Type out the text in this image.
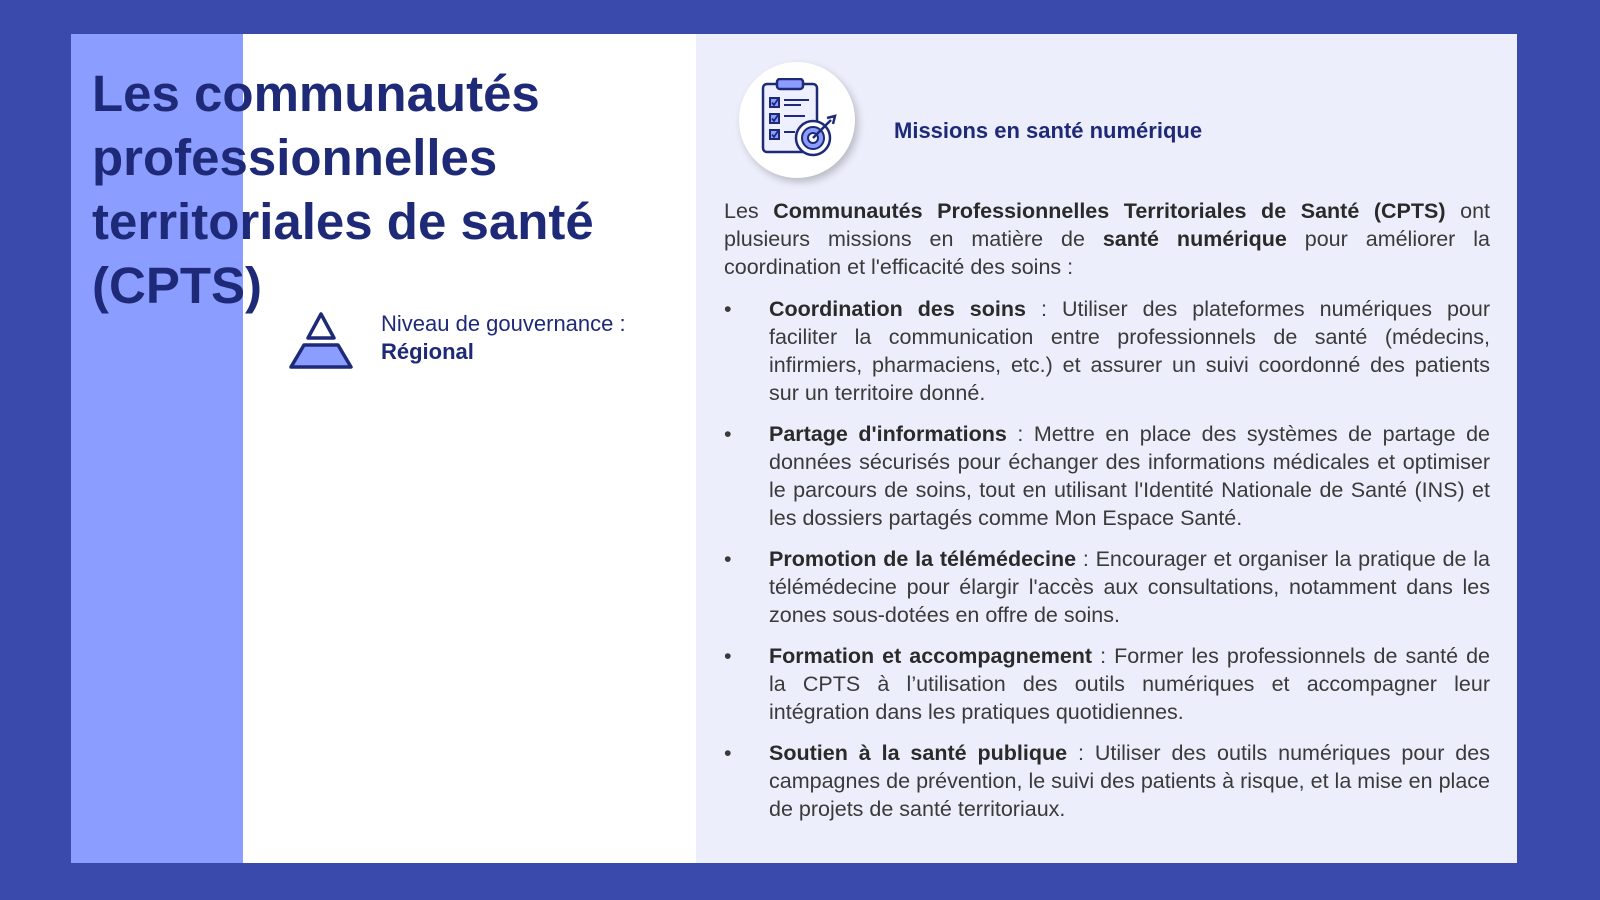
Les communautés professionnelles territoriales de santé (CPTS)
Niveau de gouvernance :
Régional
Missions en santé numérique

Les Communautés Professionnelles Territoriales de Santé (CPTS) ont plusieurs missions en matière de santé numérique pour améliorer la coordination et l'efficacité des soins :

•	Coordination des soins : Utiliser des plateformes numériques pour faciliter la communication entre professionnels de santé (médecins, infirmiers, pharmaciens, etc.) et assurer un suivi coordonné des patients sur un territoire donné.
•	Partage d'informations : Mettre en place des systèmes de partage de données sécurisés pour échanger des informations médicales et optimiser le parcours de soins, tout en utilisant l'Identité Nationale de Santé (INS) et les dossiers partagés comme Mon Espace Santé.
•	Promotion de la télémédecine : Encourager et organiser la pratique de la télémédecine pour élargir l'accès aux consultations, notamment dans les zones sous-dotées en offre de soins.
•	Formation et accompagnement : Former les professionnels de santé de la CPTS à l’utilisation des outils numériques et accompagner leur intégration dans les pratiques quotidiennes.
•	Soutien à la santé publique : Utiliser des outils numériques pour des campagnes de prévention, le suivi des patients à risque, et la mise en place de projets de santé territoriaux.
